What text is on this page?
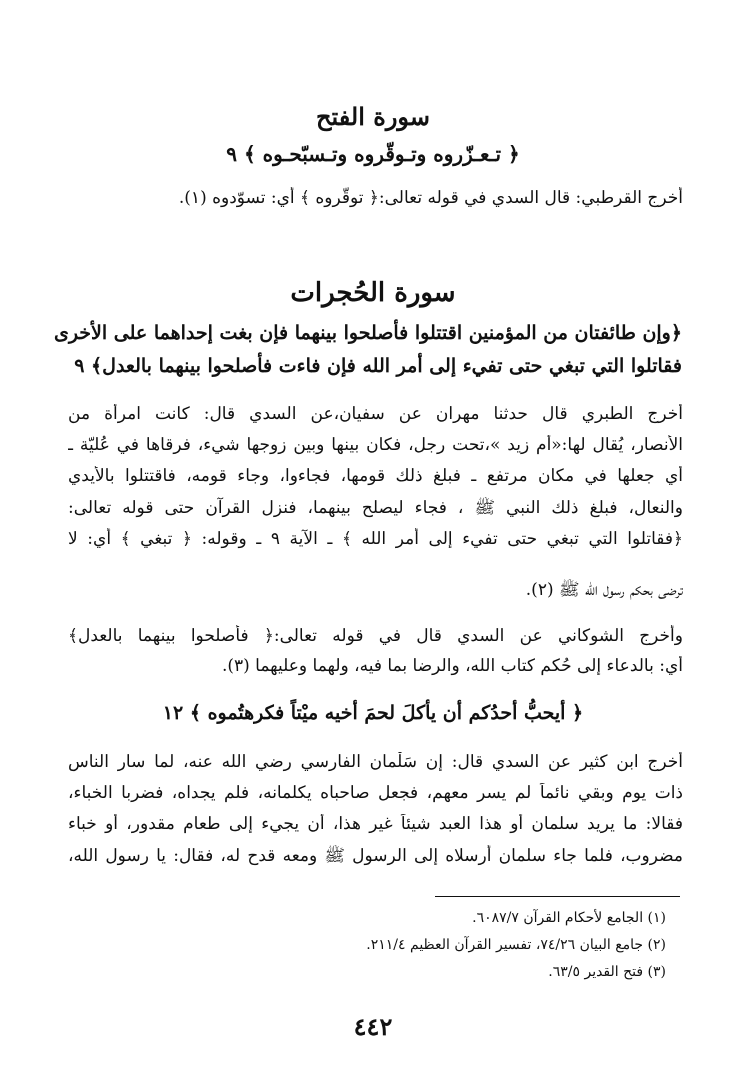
سورة الفتح
﴿ تـعـزّروه وتـوقّروه وتـسبّحـوه ﴾ ٩
أخرج القرطبي: قال السدي في قوله تعالى:﴿ توقّروه ﴾ أي: تسوّدوه (١).
سورة الحُجرات
﴿وإن طائفتان من المؤمنين اقتتلوا فأصلحوا بينهما فإن بغت إحداهما على الأخرى
فقاتلوا التي تبغي حتى تفيء إلى أمر الله فإن فاءت فأصلحوا بينهما بالعدل﴾ ٩
أخرج الطبري قال حدثنا مهران عن سفيان،عن السدي قال: كانت امرأة من
الأنصار، يُقال لها:«أم زيد »،تحت رجل، فكان بينها وبين زوجها شيء، فرقاها في عُليّة ـ
أي جعلها في مكان مرتفع ـ فبلغ ذلك قومها، فجاءوا، وجاء قومه، فاقتتلوا بالأيدي
والنعال، فبلغ ذلك النبي ﷺ ، فجاء ليصلح بينهما، فنزل القرآن حتى قوله تعالى:
﴿فقاتلوا التي تبغي حتى تفيء إلى أمر الله ﴾ ـ الآية ٩ ـ وقوله: ﴿ تبغي ﴾ أي: لا
ترضى بحكم رسول الله ﷺ (٢).
وأخرج الشوكاني عن السدي قال في قوله تعالى:﴿ فأصلحوا بينهما بالعدل﴾
أي: بالدعاء إلى حُكم كتاب الله، والرضا بما فيه، ولهما وعليهما (٣).
﴿ أيحبُّ أحدُكم أن يأكلَ لحمَ أخيه ميْتاً فكرهتُموه ﴾ ١٢
أخرج ابن كثير عن السدي قال: إن سَلْمان الفارسي رضي الله عنه، لما سار الناس
ذات يوم وبقي نائماً لم يسر معهم، فجعل صاحباه يكلمانه، فلم يجداه، فضربا الخباء،
فقالا: ما يريد سلمان أو هذا العبد شيئاً غير هذا، أن يجيء إلى طعام مقدور، أو خباء
مضروب، فلما جاء سلمان أرسلاه إلى الرسول ﷺ ومعه قدح له، فقال: يا رسول الله،
(١) الجامع لأحكام القرآن ٦٠٨٧/٧.
(٢) جامع البيان ٧٤/٢٦، تفسير القرآن العظيم ٢١١/٤.
(٣) فتح القدير ٦٣/٥.
٤٤٢
